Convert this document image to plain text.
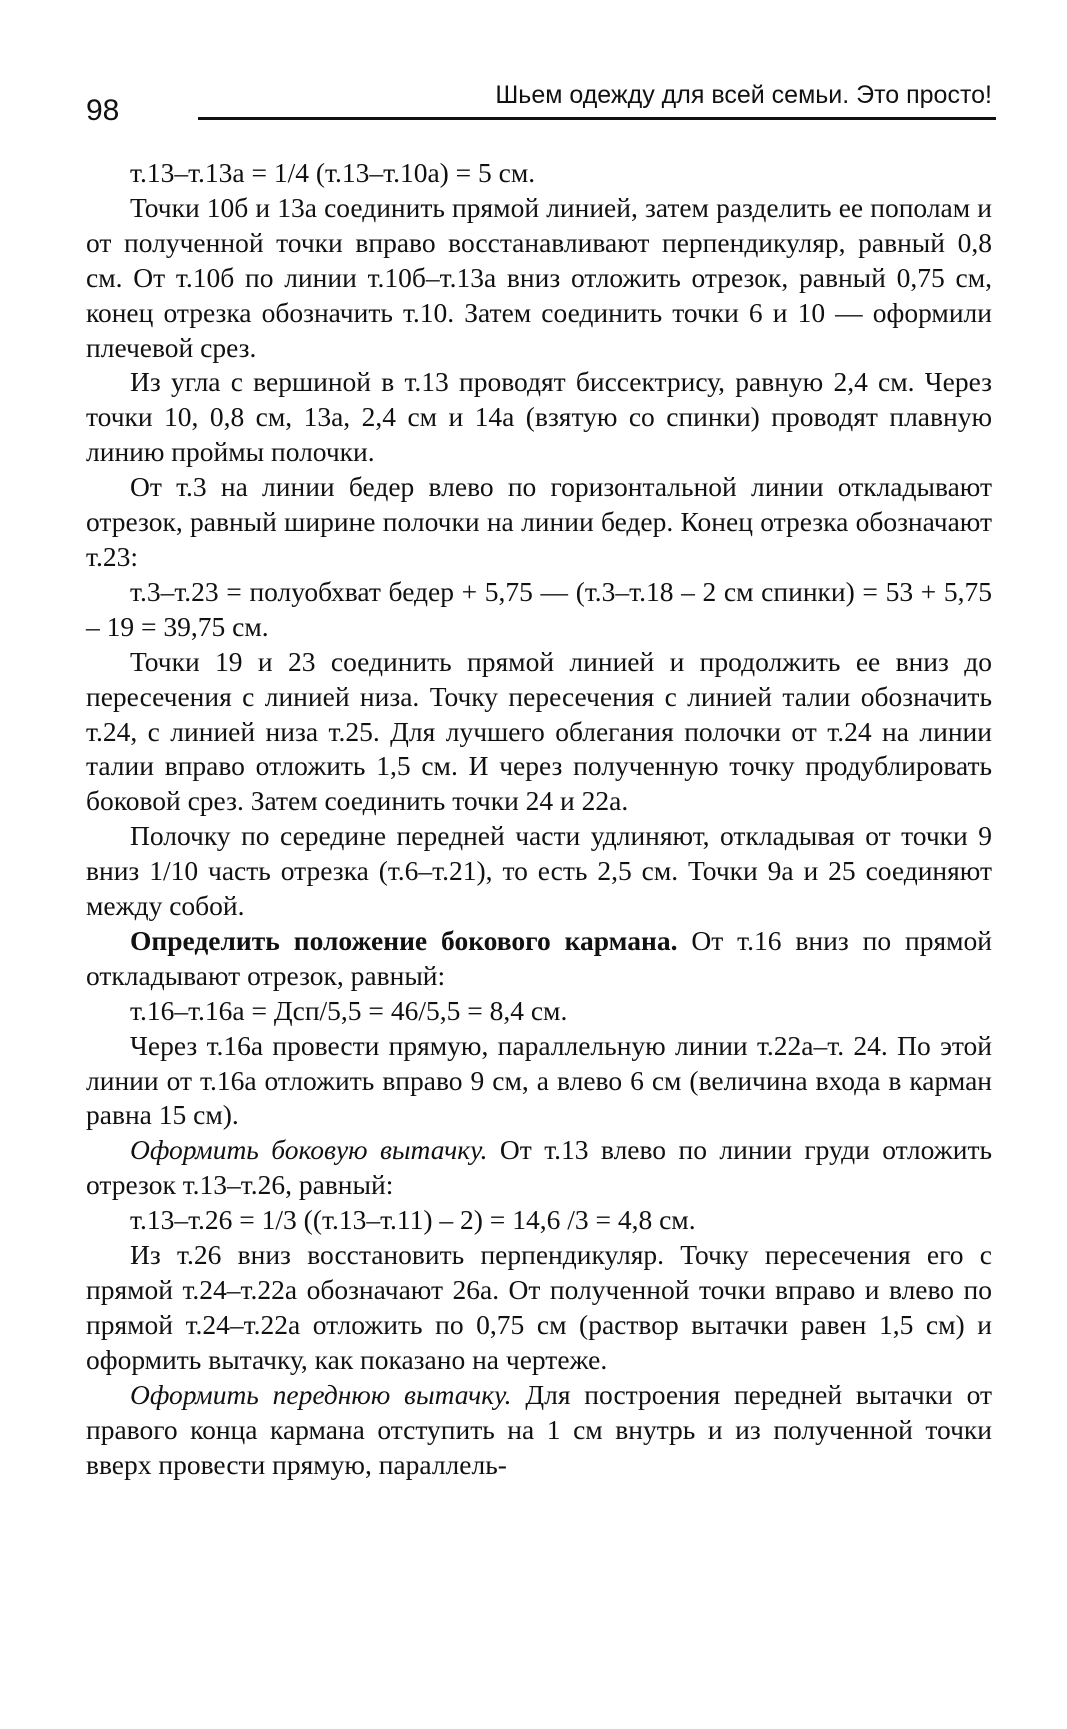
98	Шьем одежду для всей семьи. Это просто!

т.13–т.13а = 1/4 (т.13–т.10а) = 5 см.

Точки 10б и 13а соединить прямой линией, затем разделить ее пополам и от полученной точки вправо восстанавливают перпендикуляр, равный 0,8 см. От т.10б по линии т.10б–т.13а вниз отложить отрезок, равный 0,75 см, конец отрезка обозначить т.10. Затем соединить точки 6 и 10 — оформили плечевой срез.

Из угла с вершиной в т.13 проводят биссектрису, равную 2,4 см. Через точки 10, 0,8 см, 13а, 2,4 см и 14а (взятую со спинки) проводят плавную линию проймы полочки.

От т.3 на линии бедер влево по горизонтальной линии откладывают отрезок, равный ширине полочки на линии бедер. Конец отрезка обозначают т.23:

т.3–т.23 = полуобхват бедер + 5,75 — (т.3–т.18 – 2 см спинки) = 53 + 5,75 – 19 = 39,75 см.

Точки 19 и 23 соединить прямой линией и продолжить ее вниз до пересечения с линией низа. Точку пересечения с линией талии обозначить т.24, с линией низа т.25. Для лучшего облегания полочки от т.24 на линии талии вправо отложить 1,5 см. И через полученную точку продублировать боковой срез. Затем соединить точки 24 и 22а.

Полочку по середине передней части удлиняют, откладывая от точки 9 вниз 1/10 часть отрезка (т.6–т.21), то есть 2,5 см. Точки 9а и 25 соединяют между собой.

Определить положение бокового кармана. От т.16 вниз по прямой откладывают отрезок, равный:

т.16–т.16а = Дсп/5,5 = 46/5,5 = 8,4 см.

Через т.16а провести прямую, параллельную линии т.22а–т. 24. По этой линии от т.16а отложить вправо 9 см, а влево 6 см (величина входа в карман равна 15 см).

Оформить боковую вытачку. От т.13 влево по линии груди отложить отрезок т.13–т.26, равный:

т.13–т.26 = 1/3 ((т.13–т.11) – 2) = 14,6 /3 = 4,8 см.

Из т.26 вниз восстановить перпендикуляр. Точку пересечения его с прямой т.24–т.22а обозначают 26а. От полученной точки вправо и влево по прямой т.24–т.22а отложить по 0,75 см (раствор вытачки равен 1,5 см) и оформить вытачку, как показано на чертеже.

Оформить переднюю вытачку. Для построения передней вытачки от правого конца кармана отступить на 1 см внутрь и из полученной точки вверх провести прямую, параллель-
